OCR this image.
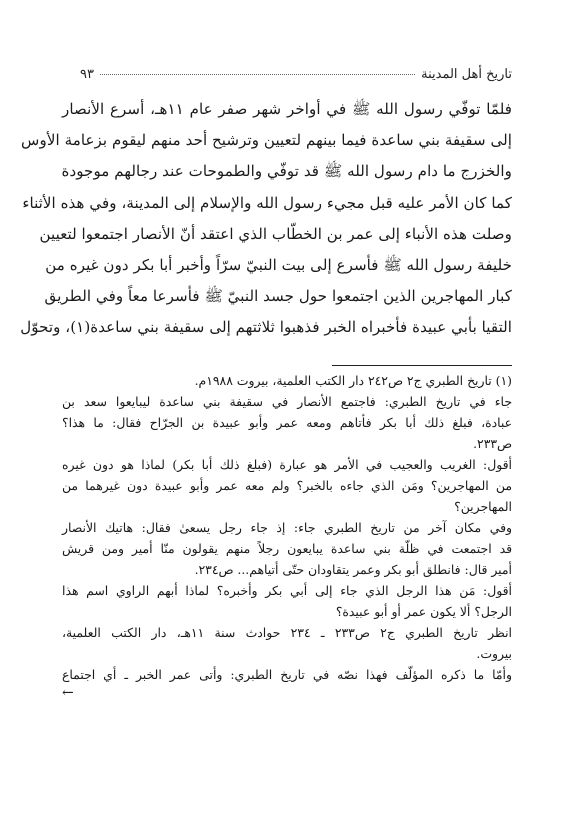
تاريخ أهل المدينة
٩٣
فلمّا توفّي رسول الله ﷺ في أواخر شهر صفر عام ١١هـ، أسرع الأنصار
إلى سقيفة بني ساعدة فيما بينهم لتعيين وترشيح أحد منهم ليقوم بزعامة الأوس
والخزرج ما دام رسول الله ﷺ قد توفّي والطموحات عند رجالهم موجودة
كما كان الأمر عليه قبل مجيء رسول الله والإسلام إلى المدينة، وفي هذه الأثناء
وصلت هذه الأنباء إلى عمر بن الخطّاب الذي اعتقد أنّ الأنصار اجتمعوا لتعيين
خليفة رسول الله ﷺ فأسرع إلى بيت النبيّ سرّاً وأخبر أبا بكر دون غيره من
كبار المهاجرين الذين اجتمعوا حول جسد النبيّ ﷺ فأسرعا معاً وفي الطريق
التقيا بأبي عبيدة فأخبراه الخبر فذهبوا ثلاثتهم إلى سقيفة بني ساعدة(١)، وتحوّل
(١) تاريخ الطبري ج٢ ص٢٤٢ دار الكتب العلمية، بيروت ١٩٨٨م.
جاء في تاريخ الطبري: فاجتمع الأنصار في سقيفة بني ساعدة ليبايعوا سعد بن
عبادة، فبلغ ذلك أبا بكر فأتاهم ومعه عمر وأبو عبيدة بن الجرّاح فقال: ما هذا؟
ص٢٣٣.
أقول: الغريب والعجيب في الأمر هو عبارة (فبلغ ذلك أبا بكر) لماذا هو دون غيره
من المهاجرين؟ ومَن الذي جاءه بالخبر؟ ولم معه عمر وأبو عبيدة دون غيرهما من
المهاجرين؟
وفي مكان آخر من تاريخ الطبري جاء: إذ جاء رجل يسعىٰ فقال: هاتيك الأنصار
قد اجتمعت في ظلّة بني ساعدة يبايعون رجلاً منهم يقولون منّا أمير ومن قريش
أمير قال: فانطلق أبو بكر وعمر يتقاودان حتّى أتياهم... ص٢٣٤.
أقول: مَن هذا الرجل الذي جاء إلى أبي بكر وأخبره؟ لماذا أبهم الراوي اسم هذا
الرجل؟ ألا يكون عمر أو أبو عبيدة؟
انظر تاريخ الطبري ج٢ ص٢٣٣ ـ ٢٣٤ حوادث سنة ١١هـ، دار الكتب العلمية،
بيروت.
وأمّا ما ذكره المؤلّف فهذا نصّه في تاريخ الطبري: وأتى عمر الخبر ـ أي اجتماع
←
